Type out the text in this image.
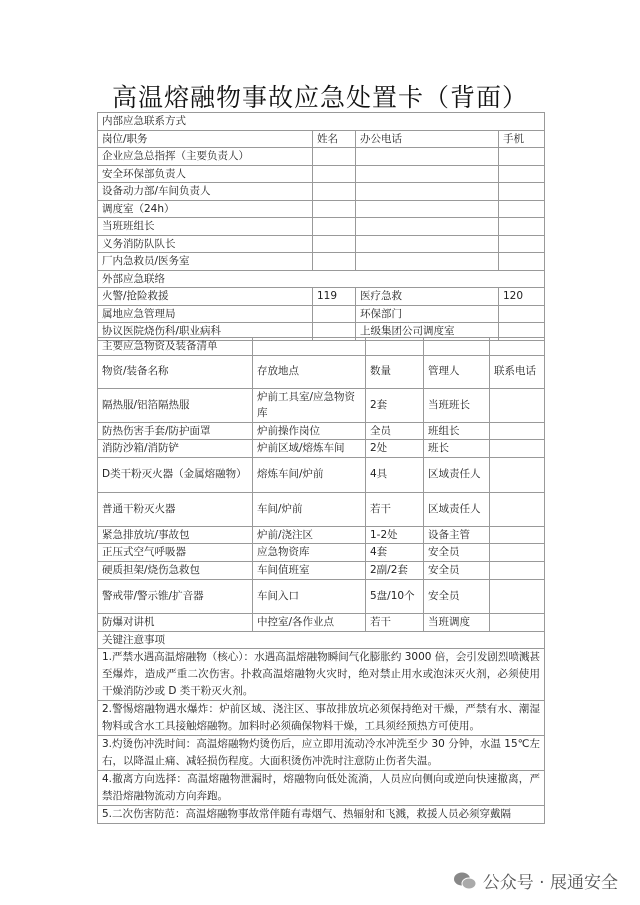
高温熔融物事故应急处置卡（背面）
内部应急联系方式			
岗位/职务	姓名	办公电话	手机
企业应急总指挥（主要负责人）			
安全环保部负责人			
设备动力部/车间负责人			
调度室（24h）			
当班班组长			
义务消防队队长			
厂内急救员/医务室			
外部应急联络			
火警/抢险救援	119	医疗急救	120
属地应急管理局		环保部门	
协议医院烧伤科/职业病科		上级集团公司调度室	
主要应急物资及装备清单				
物资/装备名称	存放地点	数量	管理人	联系电话
隔热服/铝箔隔热服	炉前工具室/应急物资库	2套	当班班长	
防热伤害手套/防护面罩	炉前操作岗位	全员	班组长	
消防沙箱/消防铲	炉前区域/熔炼车间	2处	班长	
D类干粉灭火器（金属熔融物）	熔炼车间/炉前	4具	区域责任人	
普通干粉灭火器	车间/炉前	若干	区域责任人	
紧急排放坑/事故包	炉前/浇注区	1-2处	设备主管	
正压式空气呼吸器	应急物资库	4套	安全员	
硬质担架/烧伤急救包	车间值班室	2副/2套	安全员	
警戒带/警示锥/扩音器	车间入口	5盘/10个	安全员	
防爆对讲机	中控室/各作业点	若干	当班调度	
关键注意事项				
1.严禁水遇高温熔融物（核心）：水遇高温熔融物瞬间气化膨胀约 3000 倍，会引发剧烈喷溅甚至爆炸，造成严重二次伤害。扑救高温熔融物火灾时，绝对禁止用水或泡沫灭火剂，必须使用干燥消防沙或 D 类干粉灭火剂。				
2.警惕熔融物遇水爆炸：炉前区域、浇注区、事故排放坑必须保持绝对干燥，严禁有水、潮湿物料或含水工具接触熔融物。加料时必须确保物料干燥，工具须经预热方可使用。				
3.灼烫伤冲洗时间：高温熔融物灼烫伤后，应立即用流动冷水冲洗至少 30 分钟，水温 15℃左右，以降温止痛、减轻损伤程度。大面积烫伤冲洗时注意防止伤者失温。				
4.撤离方向选择：高温熔融物泄漏时，熔融物向低处流淌，人员应向侧向或逆向快速撤离，严禁沿熔融物流动方向奔跑。				
5.二次伤害防范：高温熔融物事故常伴随有毒烟气、热辐射和飞溅，救援人员必须穿戴隔				
公众号 · 展通安全
